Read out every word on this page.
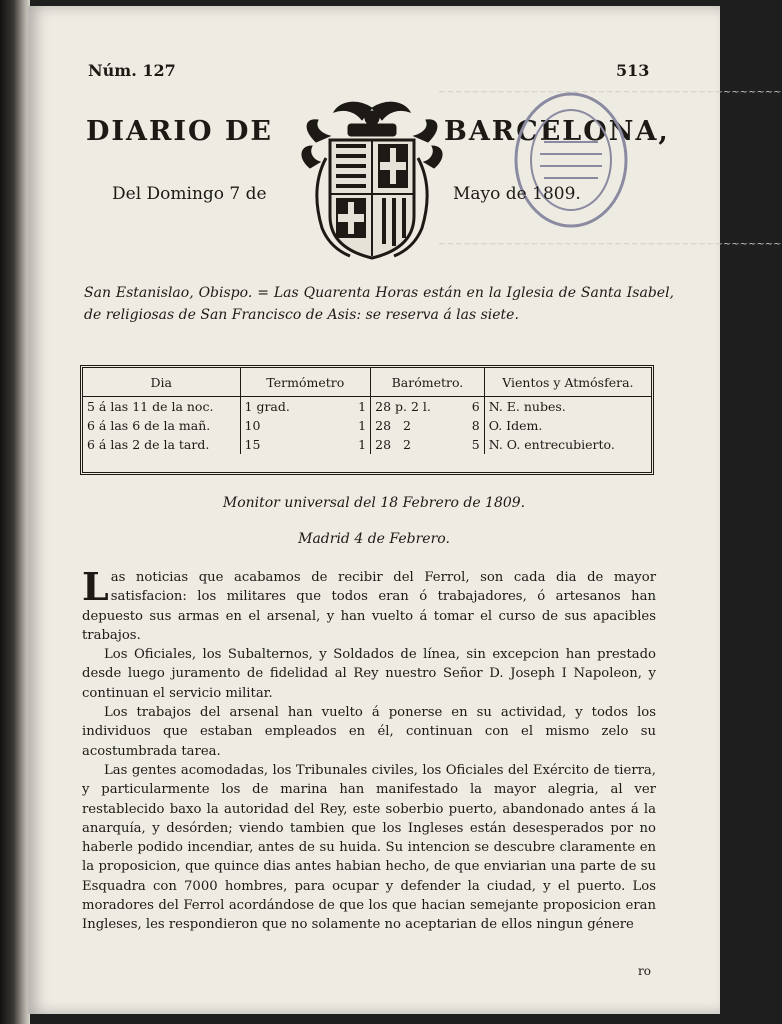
~~~~~~~~~~~~~~~~~~~~~~~~~~~~~~~~~~~~~~~~~
~~~~~~~~~~~~~~~~~~~~~~~~~~~~~~~~~~~~~~~~~
Núm. 127	513
DIARIO DE	BARCELONA,
Del Domingo 7 de	Mayo de 1809.
San Estanislao, Obispo. = Las Quarenta Horas están en la Iglesia de Santa Isabel, de religiosas de San Francisco de Asis: se reserva á las siete.
Dia	Termómetro	Barómetro.	Vientos y Atmósfera.
5 á las 11 de la noc.	1 grad. 1	28 p. 2 l. 6	N. E. nubes.
6 á las 6 de la mañ.	10 1	28 2 8	O. Idem.
6 á las 2 de la tard.	15 1	28 2 5	N. O. entrecubierto.
Monitor universal del 18 Febrero de 1809.
Madrid 4 de Febrero.

Las noticias que acabamos de recibir del Ferrol, son cada dia de mayor satisfacion: los militares que todos eran ó trabajadores, ó artesanos han depuesto sus armas en el arsenal, y han vuelto á tomar el curso de sus apacibles trabajos.

Los Oficiales, los Subalternos, y Soldados de línea, sin excepcion han prestado desde luego juramento de fidelidad al Rey nuestro Señor D. Joseph I Napoleon, y continuan el servicio militar.

Los trabajos del arsenal han vuelto á ponerse en su actividad, y todos los individuos que estaban empleados en él, continuan con el mismo zelo su acostumbrada tarea.

Las gentes acomodadas, los Tribunales civiles, los Oficiales del Exército de tierra, y particularmente los de marina han manifestado la mayor alegria, al ver restablecido baxo la autoridad del Rey, este soberbio puerto, abandonado antes á la anarquía, y desórden; viendo tambien que los Ingleses están desesperados por no haberle podido incendiar, antes de su huida. Su intencion se descubre claramente en la proposicion, que quince dias antes habian hecho, de que enviarian una parte de su Esquadra con 7000 hombres, para ocupar y defender la ciudad, y el puerto. Los moradores del Ferrol acordándose de que los que hacian semejante proposicion eran Ingleses, les respondieron que no solamente no aceptarian de ellos ningun génere

ro
